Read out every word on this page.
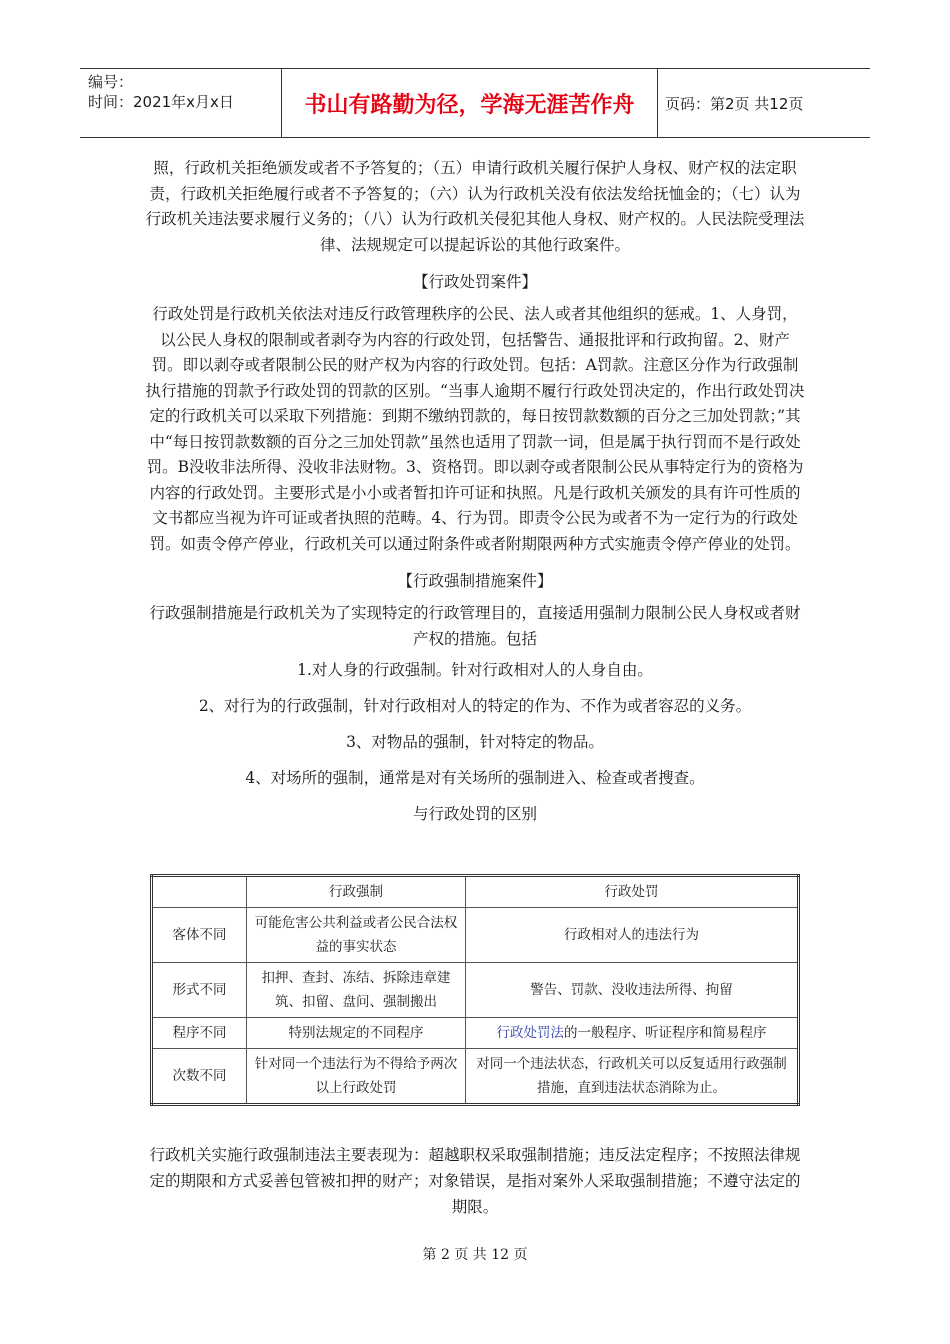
编号：
时间：2021年x月x日	书山有路勤为径，学海无涯苦作舟	页码：第2页 共12页

照，行政机关拒绝颁发或者不予答复的；（五）申请行政机关履行保护人身权、财产权的法定职责，行政机关拒绝履行或者不予答复的；（六）认为行政机关没有依法发给抚恤金的；（七）认为行政机关违法要求履行义务的；（八）认为行政机关侵犯其他人身权、财产权的。人民法院受理法律、法规规定可以提起诉讼的其他行政案件。

【行政处罚案件】

行政处罚是行政机关依法对违反行政管理秩序的公民、法人或者其他组织的惩戒。1、人身罚，以公民人身权的限制或者剥夺为内容的行政处罚，包括警告、通报批评和行政拘留。2、财产罚。即以剥夺或者限制公民的财产权为内容的行政处罚。包括：A罚款。注意区分作为行政强制执行措施的罚款予行政处罚的罚款的区别。“当事人逾期不履行行政处罚决定的，作出行政处罚决定的行政机关可以采取下列措施：到期不缴纳罚款的，每日按罚款数额的百分之三加处罚款；”其中“每日按罚款数额的百分之三加处罚款”虽然也适用了罚款一词，但是属于执行罚而不是行政处罚。B没收非法所得、没收非法财物。3、资格罚。即以剥夺或者限制公民从事特定行为的资格为内容的行政处罚。主要形式是小小或者暂扣许可证和执照。凡是行政机关颁发的具有许可性质的文书都应当视为许可证或者执照的范畴。4、行为罚。即责令公民为或者不为一定行为的行政处罚。如责令停产停业，行政机关可以通过附条件或者附期限两种方式实施责令停产停业的处罚。

【行政强制措施案件】

行政强制措施是行政机关为了实现特定的行政管理目的，直接适用强制力限制公民人身权或者财产权的措施。包括

1.对人身的行政强制。针对行政相对人的人身自由。

2、对行为的行政强制，针对行政相对人的特定的作为、不作为或者容忍的义务。

3、对物品的强制，针对特定的物品。

4、对场所的强制，通常是对有关场所的强制进入、检查或者搜查。

与行政处罚的区别

	行政强制	行政处罚
客体不同	可能危害公共利益或者公民合法权益的事实状态	行政相对人的违法行为
形式不同	扣押、查封、冻结、拆除违章建筑、扣留、盘问、强制搬出	警告、罚款、没收违法所得、拘留
程序不同	特别法规定的不同程序	行政处罚法的一般程序、听证程序和简易程序
次数不同	针对同一个违法行为不得给予两次以上行政处罚	对同一个违法状态，行政机关可以反复适用行政强制措施，直到违法状态消除为止。

行政机关实施行政强制违法主要表现为：超越职权采取强制措施；违反法定程序；不按照法律规定的期限和方式妥善包管被扣押的财产；对象错误，是指对案外人采取强制措施；不遵守法定的期限。

第 2 页 共 12 页
